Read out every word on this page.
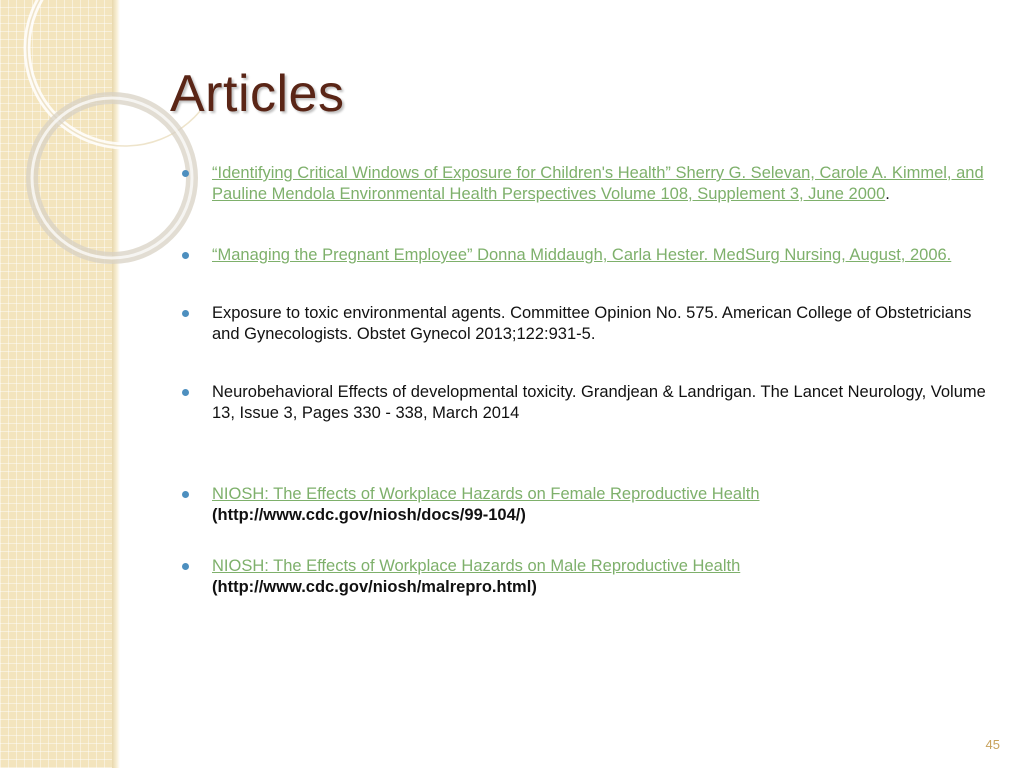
Articles
“Identifying Critical Windows of Exposure for Children's Health” Sherry G. Selevan, Carole A. Kimmel, and Pauline Mendola Environmental Health Perspectives Volume 108, Supplement 3, June 2000.
“Managing the Pregnant Employee” Donna Middaugh, Carla Hester. MedSurg Nursing, August, 2006.
Exposure to toxic environmental agents. Committee Opinion No. 575. American College of Obstetricians and Gynecologists. Obstet Gynecol 2013;122:931-5.
Neurobehavioral Effects of developmental toxicity. Grandjean & Landrigan. The Lancet Neurology, Volume 13, Issue 3, Pages 330 - 338, March 2014
NIOSH: The Effects of Workplace Hazards on Female Reproductive Health (http://www.cdc.gov/niosh/docs/99-104/)
NIOSH: The Effects of Workplace Hazards on Male Reproductive Health (http://www.cdc.gov/niosh/malrepro.html)
45
